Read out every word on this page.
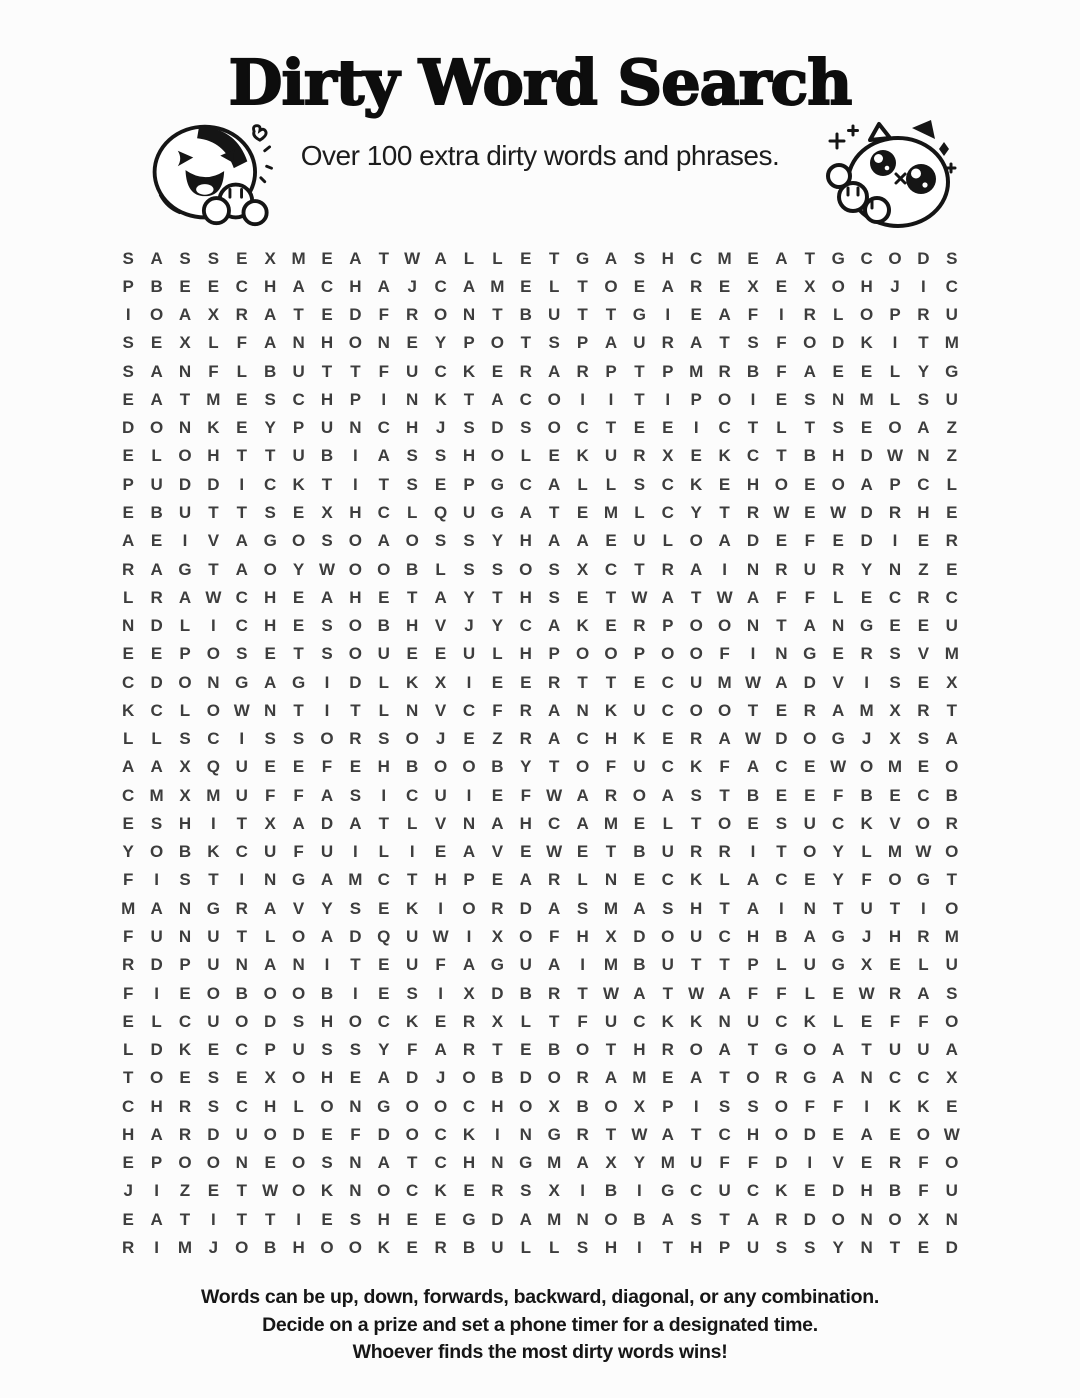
Dirty Word Search
Over 100 extra dirty words and phrases.
S A S	S	E	X M E A	T W A	L	L	E	T G A S H C M E A	T G C O D S
P B E	E C H A C H A	J	C A M E	L	T O E A R E	X	E	X O H	J	I	C
I	O A X R A	T	E D	F	R O N	T	B U	T	T G	I	E A	F	I	R	L O P R U
S	E	X	L	F	A N H O N E	Y	P O T	S	P A U R A	T	S	F O D K	I	T M
S A N	F	L	B U	T	T	F	U C K E R A R P	T	P M R B	F	A E	E	L	Y G
E A	T M E	S C H P	I	N K	T	A C O	I	I	T	I	P O	I	E	S N M L	S U
D O N K E	Y	P U N C H	J	S D S O C	T	E	E	I	C	T	L	T	S	E O A	Z
E	L O H	T	T	U B	I	A S	S H O L	E K U R X	E K C	T	B H D W N	Z
P U D D	I	C K	T	I	T	S	E	P G C A	L	L	S C K E H O E O A P C	L
E B U	T	T	S	E	X H C	L Q U G A	T	E M L	C Y	T	R W E W D R H E
A E	I	V A G O S O A O S	S	Y H A A E U	L O A D E	F	E D	I	E R
R A G T	A O Y W O O B	L	S	S O S	X C	T	R A	I	N R U R Y N	Z	E
L	R A W C H E A H E	T	A Y	T	H S	E	T W A	T W A	F	F	L	E C R C
N D	L	I	C H E	S O B H V	J	Y C A K E R P O O N	T	A N G E	E U
E	E	P O S	E	T	S O U E	E U	L	H P O O P O O F	I	N G E R S	V M
C D O N G A G	I	D	L	K X	I	E	E R	T	T	E C U M W A D V	I	S	E	X
K C	L O W N	T	I	T	L	N V C	F	R A N K U C O O T	E R A M X R	T
L	L	S C	I	S	S O R S O	J	E	Z	R A C H K E R A W D O G	J	X	S A
A A X Q U E	E	F	E H B O O B Y	T O F	U C K	F	A C E W O M E O
C M X M U	F	F	A S	I	C U	I	E	F W A R O A S	T	B E	E	F	B E C B
E	S H	I	T	X A D A	T	L	V N A H C A M E	L	T O E	S U C K V O R
Y O B K C U	F	U	I	L	I	E A V	E W E	T	B U R R	I	T O Y	L M W O
F	I	S	T	I	N G A M C	T	H P	E A R	L	N E C K	L	A C E	Y	F O G T
M A N G R A V	Y	S	E K	I	O R D A S M A S H	T	A	I	N	T	U	T	I	O
F	U N U	T	L O A D Q U W	I	X O F	H X D O U C H B A G	J	H R M
R D P U N A N	I	T	E U	F	A G U A	I	M B U	T	T	P	L	U G X	E	L	U
F	I	E O B O O B	I	E	S	I	X D B R	T W A	T W A	F	F	L	E W R A S
E	L	C U O D S H O C K E R X	L	T	F	U C K K N U C K	L	E	F	F O
L	D K E C P U S	S	Y	F	A R	T	E B O T	H R O A	T G O A	T	U U A
T O E	S	E	X O H E A D	J	O B D O R A M E A	T O R G A N C C X
C H R S C H	L O N G O O C H O X B O X	P	I	S	S O F	F	I	K K E
H A R D U O D E	F	D O C K	I	N G R	T W A	T	C H O D E A E O W
E	P O O N E O S N A	T	C H N G M A X	Y M U	F	F	D	I	V	E R	F O
J	I	Z	E	T W O K N O C K E R S	X	I	B	I	G C U C K E D H B	F	U
E A	T	I	T	T	I	E	S H E	E G D A M N O B A S	T	A R D O N O X N
R	I	M J	O B H O O K E R B U	L	L	S H	I	T	H P U S	S	Y N	T	E D
Words can be up, down, forwards, backward, diagonal, or any combination.
Decide on a prize and set a phone timer for a designated time.
Whoever finds the most dirty words wins!
